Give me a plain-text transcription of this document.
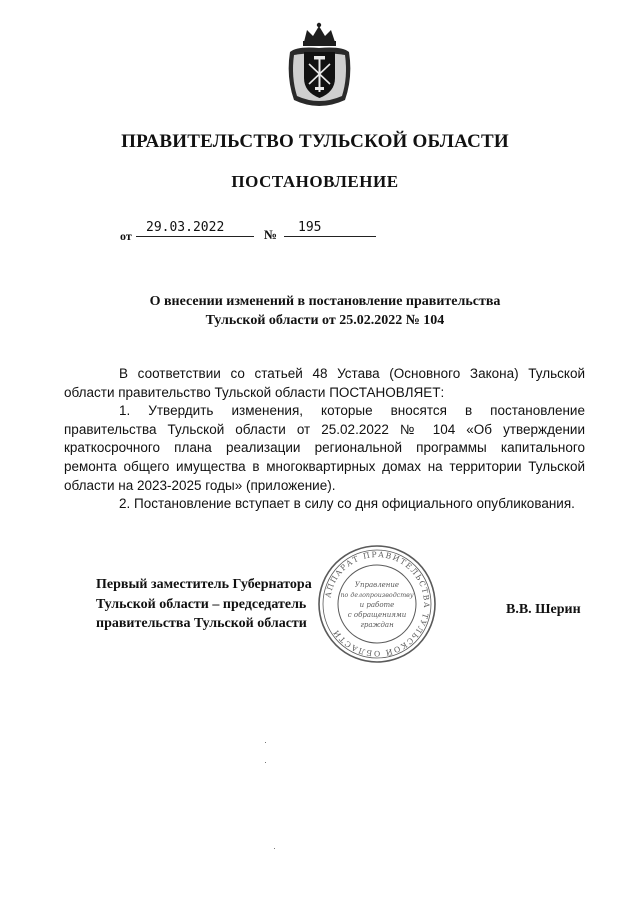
ПРАВИТЕЛЬСТВО ТУЛЬСКОЙ ОБЛАСТИ
ПОСТАНОВЛЕНИЕ
от
29.03.2022	№ 195
О внесении изменений в постановление правительства
Тульской области от 25.02.2022 № 104

В соответствии со статьей 48 Устава (Основного Закона) Тульской области правительство Тульской области ПОСТАНОВЛЯЕТ:

1. Утвердить изменения, которые вносятся в постановление правительства Тульской области от 25.02.2022 № 104 «Об утверждении краткосрочного плана реализации региональной программы капитального ремонта общего имущества в многоквартирных домах на территории Тульской области на 2023-2025 годы» (приложение).

2. Постановление вступает в силу со дня официального опубликования.

Первый заместитель Губернатора
Тульской области – председатель
правительства Тульской области
АППАРАТ ПРАВИТЕЛЬСТВА ТУЛЬСКОЙ ОБЛАСТИ
Управление
по делопроизводству
и работе
с обращениями
граждан
В.В. Шерин
